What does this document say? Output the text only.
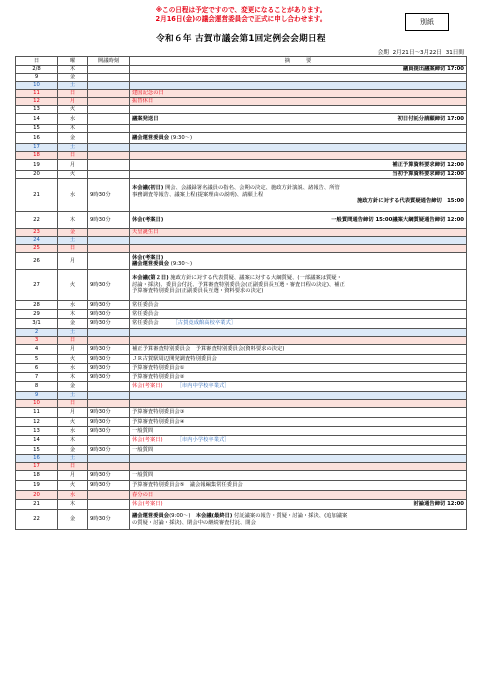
※この日程は予定ですので、変更になることがあります。
2月16日(金)の議会運営委員会で正式に申し合わせます。	別紙
令和６年 古賀市議会第1回定例会会期日程
会期 2月21日～3月22日 31日間
日	曜	開議時刻	摘　　　要
2/8	木		議員提出議案締切 17:00

9	金		
10	土		
11	日		建国記念の日

12	月		振替休日

13	火		
14	水		議案発送日 初日付託分請願締切 17:00

15	木		
16	金		議会運営委員会 (9:30～)

17	土		
18	日		
19	月		補正予算資料要求締切 12:00

20	火		当初予算資料要求締切 12:00

21	水	9時30分	本会議(初日) 開会、会議録署名議員の指名、会期の決定、施政方針演説、諸報告、所管
事務調査等報告、議案上程(提案理由の説明)、請願上程
施政方針に対する代表質疑通告締切　15:00

22	木	9時30分	議案大綱質疑通告締切 12:00
休会(考案日) 一般質問通告締切 15:00

23	金		天皇誕生日

24	土		
25	日		
26	月		休会(考案日)
議会運営委員会 (9:30～)

27	火	9時30分	本会議(第２日) 施政方針に対する代表質疑、議案に対する大綱質疑、(一部議案は質疑・
討論・採決)、委員会付託、予算審査特別委員会(正副委員長互選・審査日程の決定)、補正
予算審査特別委員会(正副委員長互選・資料要求の決定)

28	水	9時30分	常任委員会

29	木	9時30分	常任委員会

3/1	金	9時30分	常任委員会 ［古賀竟成館高校卒業式］

2	土		
3	日		
4	月	9時30分	補正予算審査特別委員会　予算審査特別委員会(資料要求の決定)

5	火	9時30分	ＪＲ古賀駅周辺開発調査特別委員会

6	水	9時30分	予算審査特別委員会①

7	木	9時30分	予算審査特別委員会②

8	金		休会(考案日) ［市内中学校卒業式］

9	土		
10	日		
11	月	9時30分	予算審査特別委員会③

12	火	9時30分	予算審査特別委員会④

13	水	9時30分	一般質問

14	木		休会(考案日) ［市内小学校卒業式］

15	金	9時30分	一般質問

16	土		
17	日		
18	月	9時30分	一般質問

19	火	9時30分	予算審査特別委員会⑤　議会報編集常任委員会

20	水		春分の日

21	木		休会(考案日) 討論通告締切 12:00

22	金	9時30分	議会運営委員会(9:00～)　本会議(最終日) 付託議案の報告・質疑・討論・採決、(追加議案
の質疑・討論・採決)、閉会中の継続審査付託、閉会
